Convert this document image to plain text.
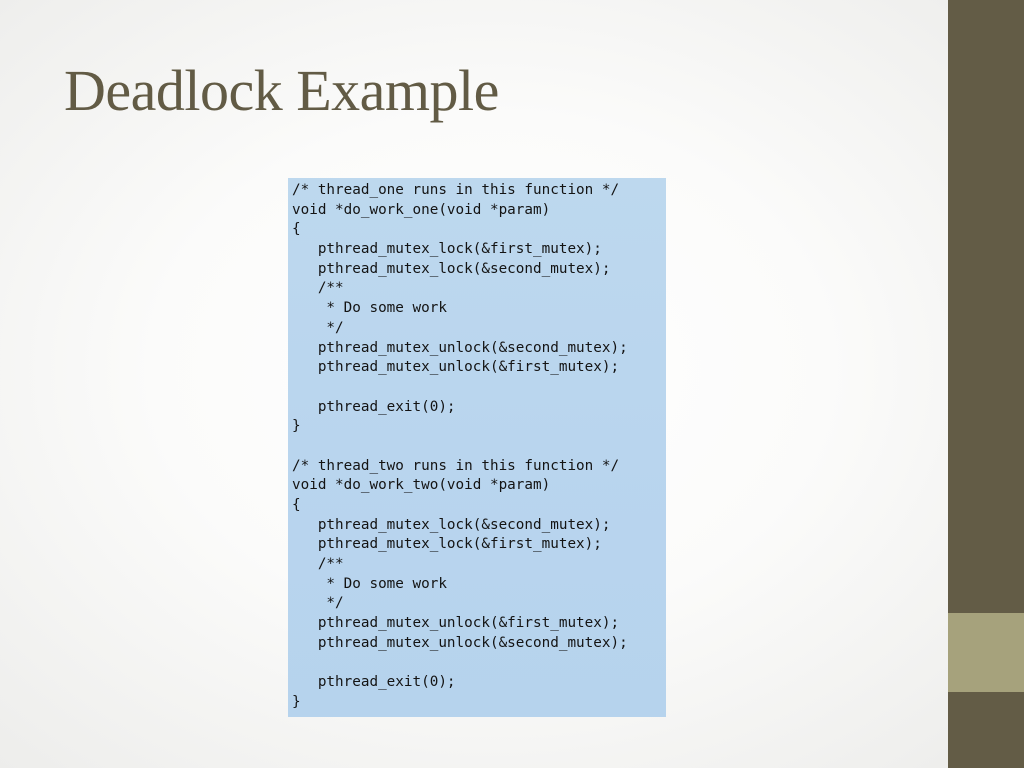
Deadlock Example
/* thread_one runs in this function */
void *do_work_one(void *param)
{
pthread_mutex_lock(&first_mutex);
pthread_mutex_lock(&second_mutex);
/**
* Do some work
*/
pthread_mutex_unlock(&second_mutex);
pthread_mutex_unlock(&first_mutex);
pthread_exit(0);
}
/* thread_two runs in this function */
void *do_work_two(void *param)
{
pthread_mutex_lock(&second_mutex);
pthread_mutex_lock(&first_mutex);
/**
* Do some work
*/
pthread_mutex_unlock(&first_mutex);
pthread_mutex_unlock(&second_mutex);
pthread_exit(0);
}
